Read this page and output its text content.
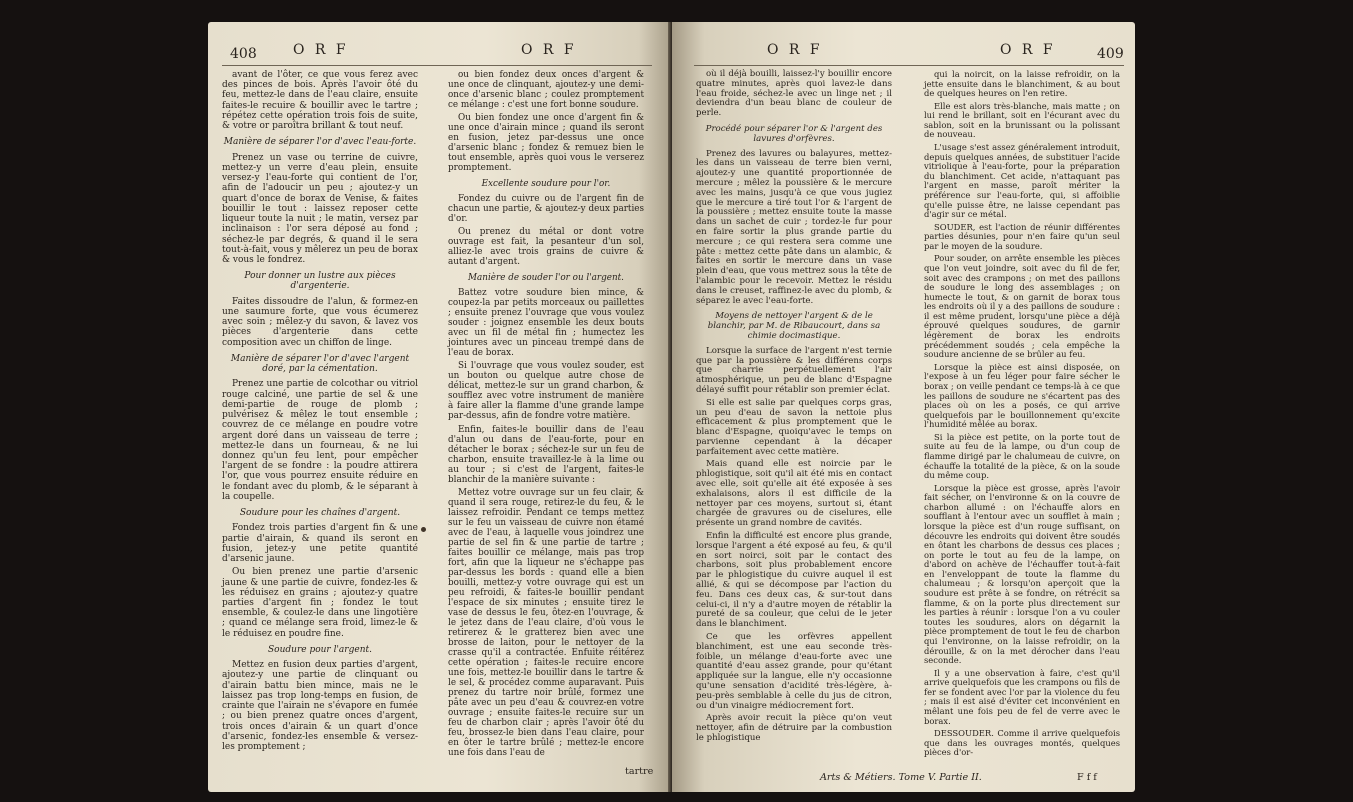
408	O R F	O R F

avant de l'ôter, ce que vous ferez avec des pinces de bois. Après l'avoir ôté du feu, mettez-le dans de l'eau claire, ensuite faites-le recuire & bouillir avec le tartre ; répétez cette opération trois fois de suite, & votre or paroîtra brillant & tout neuf.

Manière de séparer l'or d'avec l'eau-forte.

Prenez un vase ou terrine de cuivre, mettez-y un verre d'eau plein, ensuite versez-y l'eau-forte qui contient de l'or, afin de l'adoucir un peu ; ajoutez-y un quart d'once de borax de Venise, & faites bouillir le tout : laissez reposer cette liqueur toute la nuit ; le matin, versez par inclinaison : l'or sera déposé au fond ; séchez-le par degrés, & quand il le sera tout-à-fait, vous y mêlerez un peu de borax & vous le fondrez.

Pour donner un lustre aux pièces d'argenterie.

Faites dissoudre de l'alun, & formez-en une saumure forte, que vous écumerez avec soin ; mêlez-y du savon, & lavez vos pièces d'argenterie dans cette composition avec un chiffon de linge.

Manière de séparer l'or d'avec l'argent doré, par la cémentation.

Prenez une partie de colcothar ou vitriol rouge calciné, une partie de sel & une demi-partie de rouge de plomb ; pulvérisez & mêlez le tout ensemble ; couvrez de ce mélange en poudre votre argent doré dans un vaisseau de terre ; mettez-le dans un fourneau, & ne lui donnez qu'un feu lent, pour empêcher l'argent de se fondre : la poudre attirera l'or, que vous pourrez ensuite réduire en le fondant avec du plomb, & le séparant à la coupelle.

Soudure pour les chaînes d'argent.

Fondez trois parties d'argent fin & une partie d'airain, & quand ils seront en fusion, jetez-y une petite quantité d'arsenic jaune.

Ou bien prenez une partie d'arsenic jaune & une partie de cuivre, fondez-les & les réduisez en grains ; ajoutez-y quatre parties d'argent fin ; fondez le tout ensemble, & coulez-le dans une lingotière ; quand ce mélange sera froid, limez-le & le réduisez en poudre fine.

Soudure pour l'argent.

Mettez en fusion deux parties d'argent, ajoutez-y une partie de clinquant ou d'airain battu bien mince, mais ne le laissez pas trop long-temps en fusion, de crainte que l'airain ne s'évapore en fumée ; ou bien prenez quatre onces d'argent, trois onces d'airain & un quart d'once d'arsenic, fondez-les ensemble & versez-les promptement ;

ou bien fondez deux onces d'argent & une once de clinquant, ajoutez-y une demi-once d'arsenic blanc ; coulez promptement ce mélange : c'est une fort bonne soudure.

Ou bien fondez une once d'argent fin & une once d'airain mince ; quand ils seront en fusion, jetez par-dessus une once d'arsenic blanc ; fondez & remuez bien le tout ensemble, après quoi vous le verserez promptement.

Excellente soudure pour l'or.

Fondez du cuivre ou de l'argent fin de chacun une partie, & ajoutez-y deux parties d'or.

Ou prenez du métal or dont votre ouvrage est fait, la pesanteur d'un sol, alliez-le avec trois grains de cuivre & autant d'argent.

Manière de souder l'or ou l'argent.

Battez votre soudure bien mince, & coupez-la par petits morceaux ou paillettes ; ensuite prenez l'ouvrage que vous voulez souder : joignez ensemble les deux bouts avec un fil de métal fin ; humectez les jointures avec un pinceau trempé dans de l'eau de borax.

Si l'ouvrage que vous voulez souder, est un bouton ou quelque autre chose de délicat, mettez-le sur un grand charbon, & soufflez avec votre instrument de manière à faire aller la flamme d'une grande lampe par-dessus, afin de fondre votre matière.

Enfin, faites-le bouillir dans de l'eau d'alun ou dans de l'eau-forte, pour en détacher le borax ; séchez-le sur un feu de charbon, ensuite travaillez-le à la lime ou au tour ; si c'est de l'argent, faites-le blanchir de la manière suivante :

Mettez votre ouvrage sur un feu clair, & quand il sera rouge, retirez-le du feu, & le laissez refroidir. Pendant ce temps mettez sur le feu un vaisseau de cuivre non étamé avec de l'eau, à laquelle vous joindrez une partie de sel fin & une partie de tartre ; faites bouillir ce mélange, mais pas trop fort, afin que la liqueur ne s'échappe pas par-dessus les bords : quand elle a bien bouilli, mettez-y votre ouvrage qui est un peu refroidi, & faites-le bouillir pendant l'espace de six minutes ; ensuite tirez le vase de dessus le feu, ôtez-en l'ouvrage, & le jetez dans de l'eau claire, d'où vous le retirerez & le gratterez bien avec une brosse de laiton, pour le nettoyer de la crasse qu'il a contractée. Enfuite réitérez cette opération ; faites-le recuire encore une fois, mettez-le bouillir dans le tartre & le sel, & procédez comme auparavant. Puis prenez du tartre noir brûlé, formez une pâte avec un peu d'eau & couvrez-en votre ouvrage ; ensuite faites-le recuire sur un feu de charbon clair ; après l'avoir ôté du feu, brossez-le bien dans l'eau claire, pour en ôter le tartre brûlé ; mettez-le encore une fois dans l'eau de

tartre
O R F	O R F	409

où il déjà bouilli, laissez-l'y bouillir encore quatre minutes, après quoi lavez-le dans l'eau froide, séchez-le avec un linge net ; il deviendra d'un beau blanc de couleur de perle.

Procédé pour séparer l'or & l'argent des lavures d'orfèvres.

Prenez des lavures ou balayures, mettez-les dans un vaisseau de terre bien verni, ajoutez-y une quantité proportionnée de mercure ; mêlez la poussière & le mercure avec les mains, jusqu'à ce que vous jugiez que le mercure a tiré tout l'or & l'argent de la poussière ; mettez ensuite toute la masse dans un sachet de cuir ; tordez-le fur pour en faire sortir la plus grande partie du mercure ; ce qui restera sera comme une pâte : mettez cette pâte dans un alambic, & faites en sortir le mercure dans un vase plein d'eau, que vous mettrez sous la tête de l'alambic pour le recevoir. Mettez le résidu dans le creuset, raffinez-le avec du plomb, & séparez le avec l'eau-forte.

Moyens de nettoyer l'argent & de le blanchir, par M. de Ribaucourt, dans sa chimie docimastique.

Lorsque la surface de l'argent n'est ternie que par la poussière & les différens corps que charrie perpétuellement l'air atmosphérique, un peu de blanc d'Espagne délayé suffit pour rétablir son premier éclat.

Si elle est salie par quelques corps gras, un peu d'eau de savon la nettoie plus efficacement & plus promptement que le blanc d'Espagne, quoiqu'avec le temps on parvienne cependant à la décaper parfaitement avec cette matière.

Mais quand elle est noircie par le phlogistique, soit qu'il ait été mis en contact avec elle, soit qu'elle ait été exposée à ses exhalaisons, alors il est difficile de la nettoyer par ces moyens, surtout si, étant chargée de gravures ou de ciselures, elle présente un grand nombre de cavités.

Enfin la difficulté est encore plus grande, lorsque l'argent a été exposé au feu, & qu'il en sort noirci, soit par le contact des charbons, soit plus probablement encore par le phlogistique du cuivre auquel il est allié, & qui se décompose par l'action du feu. Dans ces deux cas, & sur-tout dans celui-ci, il n'y a d'autre moyen de rétablir la pureté de sa couleur, que celui de le jeter dans le blanchiment.

Ce que les orfèvres appellent blanchiment, est une eau seconde très-foible, un mélange d'eau-forte avec une quantité d'eau assez grande, pour qu'étant appliquée sur la langue, elle n'y occasionne qu'une sensation d'acidité très-légère, à-peu-près semblable à celle du jus de citron, ou d'un vinaigre médiocrement fort.

Après avoir recuit la pièce qu'on veut nettoyer, afin de détruire par la combustion le phlogistique

qui la noircit, on la laisse refroidir, on la jette ensuite dans le blanchiment, & au bout de quelques heures on l'en retire.

Elle est alors très-blanche, mais matte ; on lui rend le brillant, soit en l'écurant avec du sablon, soit en la brunissant ou la polissant de nouveau.

L'usage s'est assez généralement introduit, depuis quelques années, de substituer l'acide vitriolique à l'eau-forte, pour la préparation du blanchiment. Cet acide, n'attaquant pas l'argent en masse, paroît mériter la préférence sur l'eau-forte, qui, si affoiblie qu'elle puisse être, ne laisse cependant pas d'agir sur ce métal.

SOUDER, est l'action de réunir différentes parties désunies, pour n'en faire qu'un seul par le moyen de la soudure.

Pour souder, on arrête ensemble les pièces que l'on veut joindre, soit avec du fil de fer, soit avec des crampons ; on met des paillons de soudure le long des assemblages ; on humecte le tout, & on garnit de borax tous les endroits où il y a des paillons de soudure : il est même prudent, lorsqu'une pièce a déjà éprouvé quelques soudures, de garnir légèrement de borax les endroits précédemment soudés ; cela empêche la soudure ancienne de se brûler au feu.

Lorsque la pièce est ainsi disposée, on l'expose à un feu léger pour faire sécher le borax ; on veille pendant ce temps-là à ce que les paillons de soudure ne s'écartent pas des places où on les a posés, ce qui arrive quelquefois par le bouillonnement qu'excite l'humidité mêlée au borax.

Si la pièce est petite, on la porte tout de suite au feu de la lampe, ou d'un coup de flamme dirigé par le chalumeau de cuivre, on échauffe la totalité de la pièce, & on la soude du même coup.

Lorsque la pièce est grosse, après l'avoir fait sécher, on l'environne & on la couvre de charbon allumé : on l'échauffe alors en soufflant à l'entour avec un soufflet à main ; lorsque la pièce est d'un rouge suffisant, on découvre les endroits qui doivent être soudés en ôtant les charbons de dessus ces places ; on porte le tout au feu de la lampe, on d'abord on achève de l'échauffer tout-à-fait en l'enveloppant de toute la flamme du chalumeau ; & lorsqu'on aperçoit que la soudure est prête à se fondre, on rétrécit sa flamme, & on la porte plus directement sur les parties à réunir : lorsque l'on a vu couler toutes les soudures, alors on dégarnit la pièce promptement de tout le feu de charbon qui l'environne, on la laisse refroidir, on la dérouille, & on la met dérocher dans l'eau seconde.

Il y a une observation à faire, c'est qu'il arrive quelquefois que les crampons ou fils de fer se fondent avec l'or par la violence du feu ; mais il est aisé d'éviter cet inconvénient en mêlant une fois peu de fel de verre avec le borax.

DESSOUDER. Comme il arrive quelquefois que dans les ouvrages montés, quelques pièces d'or-

Arts & Métiers. Tome V. Partie II.	F f f
